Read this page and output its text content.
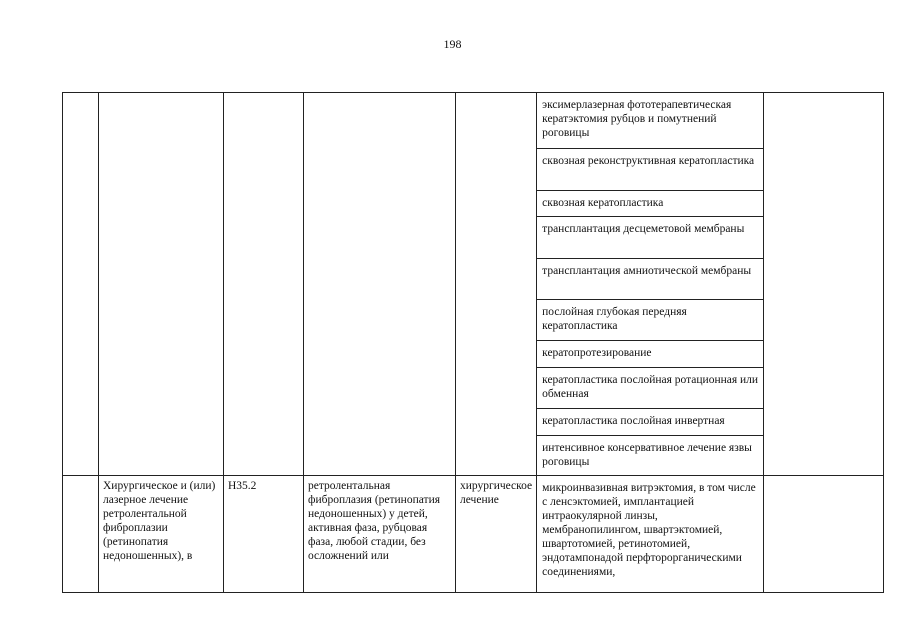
198
					эксимерлазерная фототерапевтическая кератэктомия рубцов и помутнений роговицы	
					сквозная реконструктивная кератопластика	
					сквозная кератопластика	
					трансплантация десцеметовой мембраны	
					трансплантация амниотической мембраны	
					послойная глубокая передняя кератопластика	
					кератопротезирование	
					кератопластика послойная ротационная или обменная	
					кератопластика послойная инвертная	
					интенсивное консервативное лечение язвы роговицы	
	Хирургическое и (или) лазерное лечение ретролентальной фиброплазии (ретинопатия недоношенных), в	H35.2	ретролентальная фиброплазия (ретинопатия недоношенных) у детей, активная фаза, рубцовая фаза, любой стадии, без осложнений или	хирургическое лечение	микроинвазивная витрэктомия, в том числе с ленсэктомией, имплантацией интраокулярной линзы, мембранопилингом, швартэктомией, швартотомией, ретинотомией, эндотампонадой перфторорганическими соединениями,	
